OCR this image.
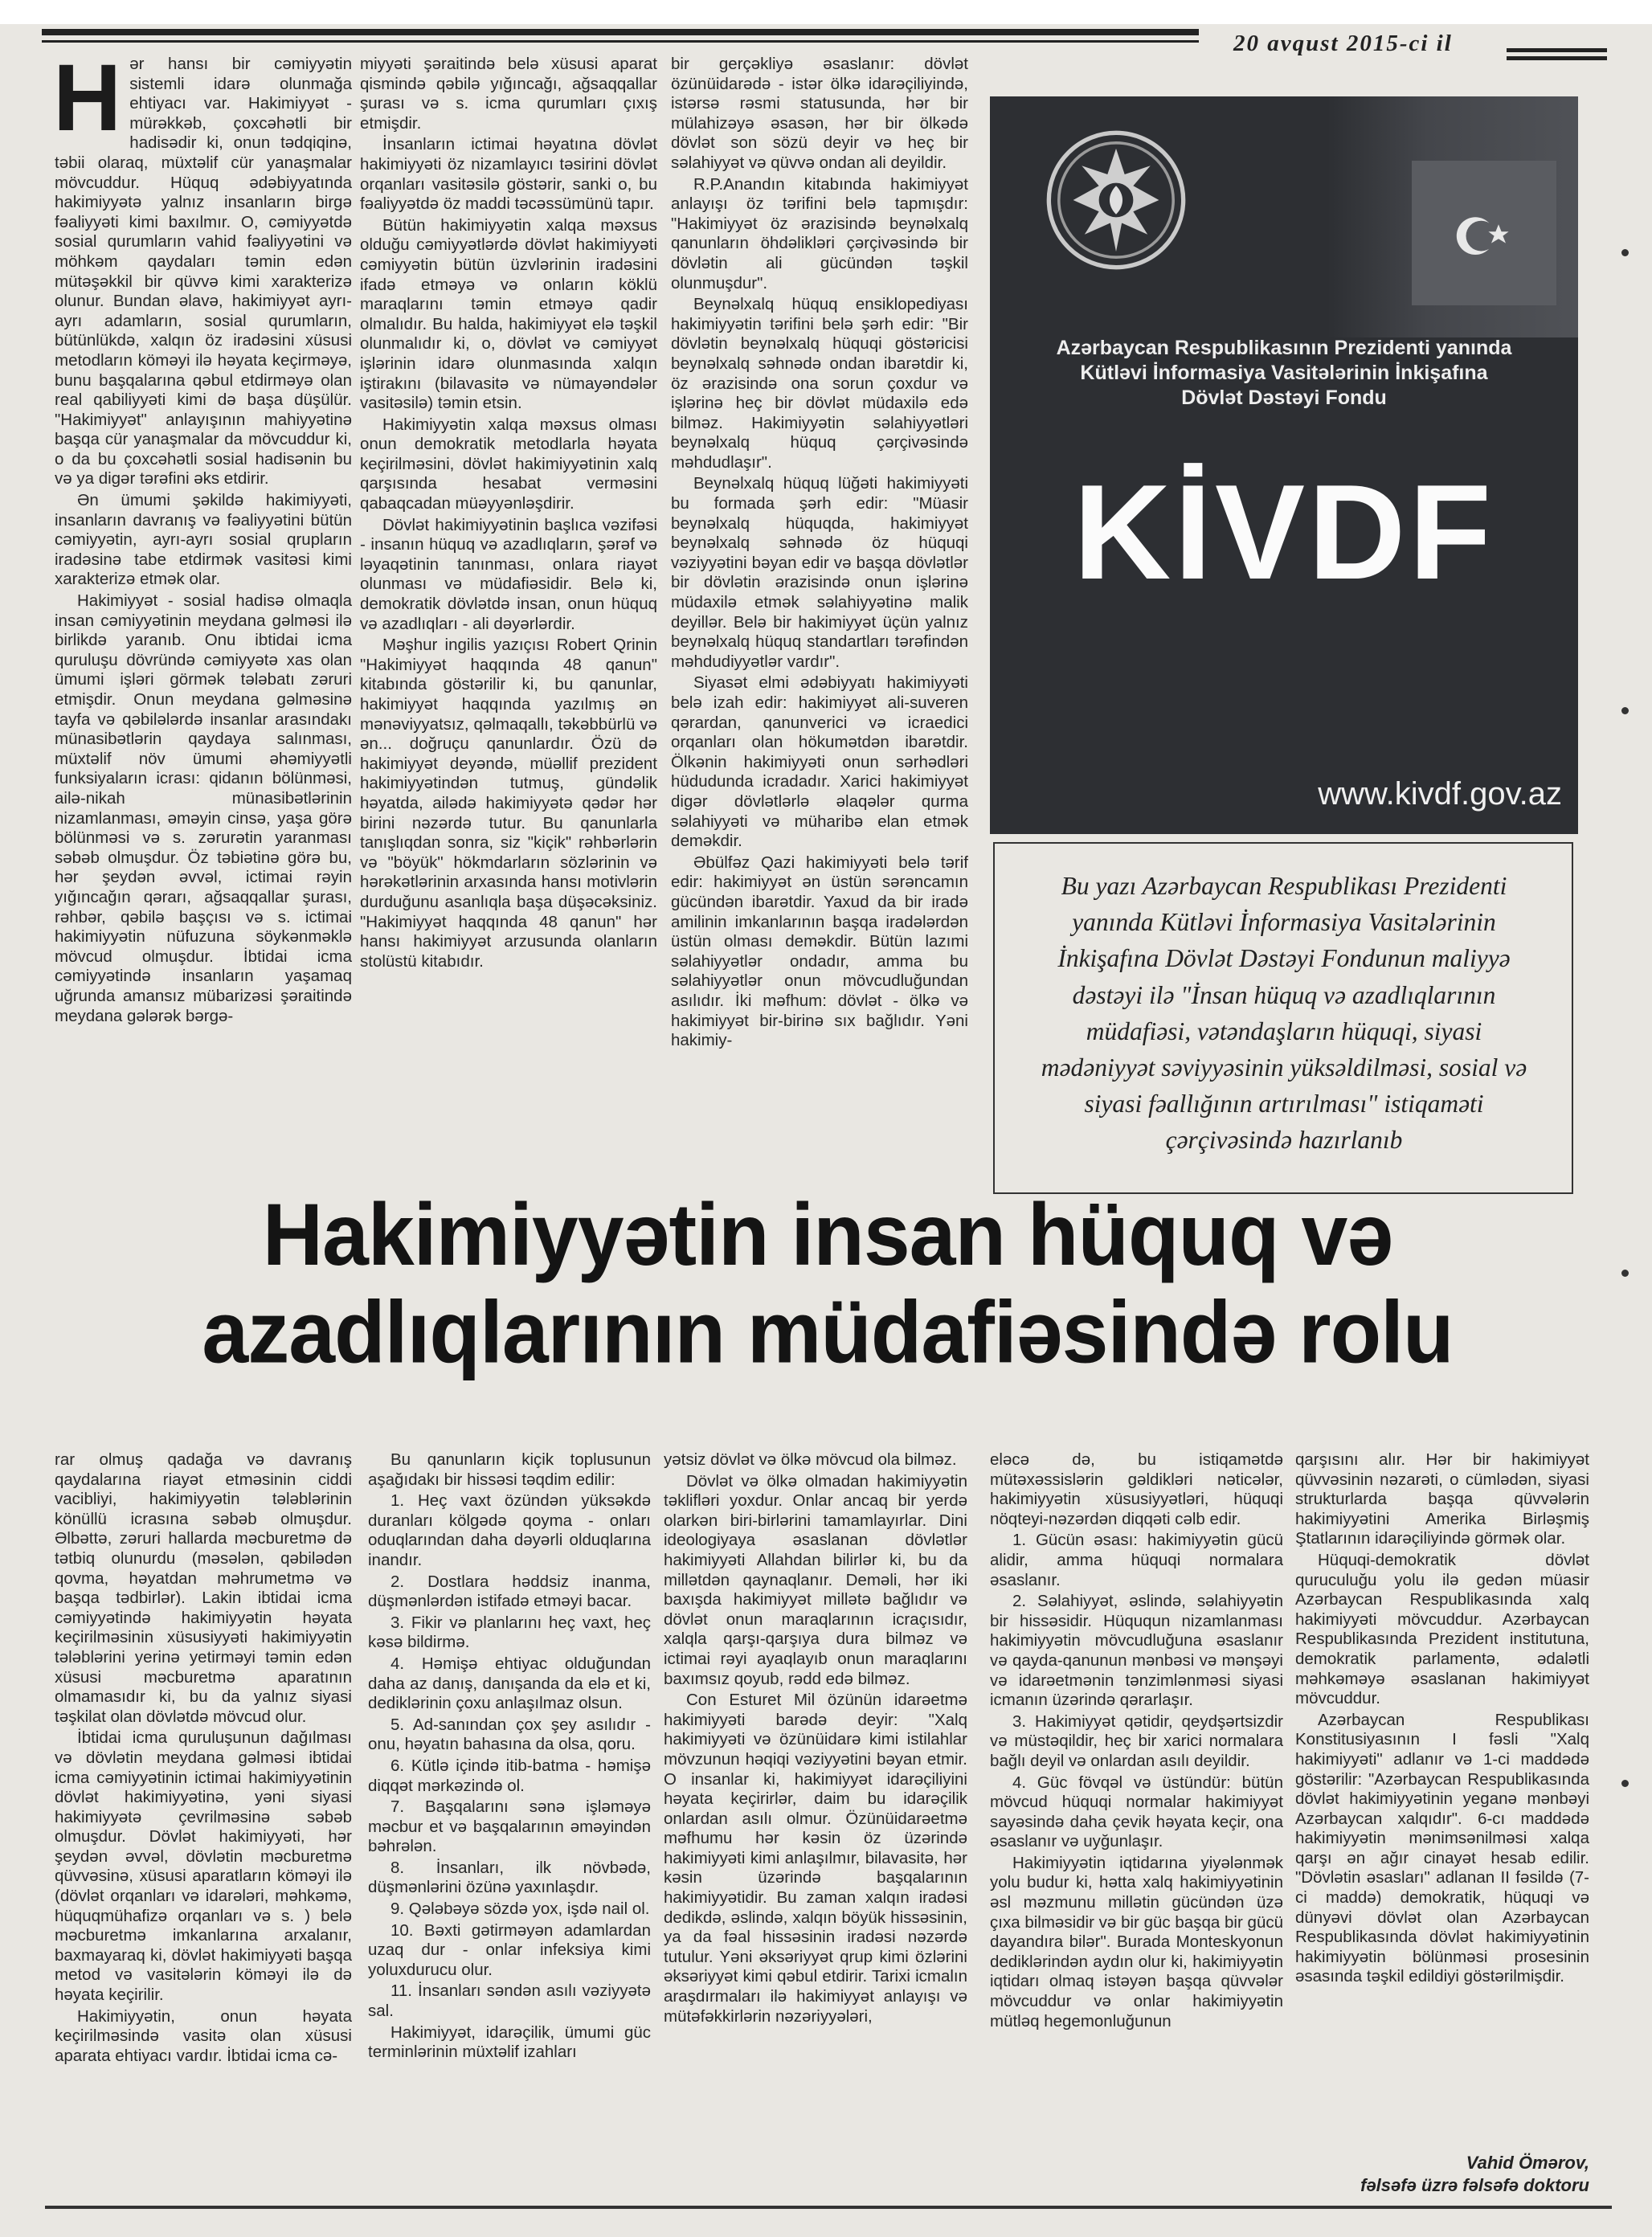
20 avqust 2015-ci il
H ər hansı bir cəmiyyətin sistemli idarə olunmağa ehtiyacı var. Hakimiyyət - mürəkkəb, çoxcəhətli bir hadisədir ki, onun tədqiqinə, təbii olaraq, müxtəlif cür yanaşmalar mövcuddur. Hüquq ədəbiyyatında hakimiyyətə yalnız insanların birgə fəaliyyəti kimi baxılmır. O, cəmiyyətdə sosial qurumların vahid fəaliyyətini və möhkəm qaydaları təmin edən mütəşəkkil bir qüvvə kimi xarakterizə olunur. Bundan əlavə, hakimiyyət ayrı-ayrı adamların, sosial qurumların, bütünlükdə, xalqın öz iradəsini xüsusi metodların köməyi ilə həyata keçirməyə, bunu başqalarına qəbul etdirməyə olan real qabiliyyəti kimi də başa düşülür. "Hakimiyyət" anlayışının mahiyyətinə başqa cür yanaşmalar da mövcuddur ki, o da bu çoxcəhətli sosial hadisənin bu və ya digər tərəfini əks etdirir.

Ən ümumi şəkildə hakimiyyəti, insanların davranış və fəaliyyətini bütün cəmiyyətin, ayrı-ayrı sosial qrupların iradəsinə tabe etdirmək vasitəsi kimi xarakterizə etmək olar.

Hakimiyyət - sosial hadisə olmaqla insan cəmiyyətinin meydana gəlməsi ilə birlikdə yaranıb. Onu ibtidai icma quruluşu dövründə cəmiyyətə xas olan ümumi işləri görmək tələbatı zəruri etmişdir. Onun meydana gəlməsinə tayfa və qəbilələrdə insanlar arasındakı münasibətlərin qaydaya salınması, müxtəlif növ ümumi əhəmiyyətli funksiyaların icrası: qidanın bölünməsi, ailə-nikah münasibətlərinin nizamlanması, əməyin cinsə, yaşa görə bölünməsi və s. zərurətin yaranması səbəb olmuşdur. Öz təbiətinə görə bu, hər şeydən əvvəl, ictimai rəyin yığıncağın qərarı, ağsaqqallar şurası, rəhbər, qəbilə başçısı və s. ictimai hakimiyyətin nüfuzuna söykənməklə mövcud olmuşdur. İbtidai icma cəmiyyətində insanların yaşamaq uğrunda amansız mübarizəsi şəraitində meydana gələrək bərgə-

miyyəti şəraitində belə xüsusi aparat qismində qəbilə yığıncağı, ağsaqqallar şurası və s. icma qurumları çıxış etmişdir.

İnsanların ictimai həyatına dövlət hakimiyyəti öz nizamlayıcı təsirini dövlət orqanları vasitəsilə göstərir, sanki o, bu fəaliyyətdə öz maddi təcəssümünü tapır.

Bütün hakimiyyətin xalqa məxsus olduğu cəmiyyətlərdə dövlət hakimiyyəti cəmiyyətin bütün üzvlərinin iradəsini ifadə etməyə və onların köklü maraqlarını təmin etməyə qadir olmalıdır. Bu halda, hakimiyyət elə təşkil olunmalıdır ki, o, dövlət və cəmiyyət işlərinin idarə olunmasında xalqın iştirakını (bilavasitə və nümayəndələr vasitəsilə) təmin etsin.

Hakimiyyətin xalqa məxsus olması onun demokratik metodlarla həyata keçirilməsini, dövlət hakimiyyətinin xalq qarşısında hesabat verməsini qabaqcadan müəyyənləşdirir.

Dövlət hakimiyyətinin başlıca vəzifəsi - insanın hüquq və azadlıqların, şərəf və ləyaqətinin tanınması, onlara riayət olunması və müdafiəsidir. Belə ki, demokratik dövlətdə insan, onun hüquq və azadlıqları - ali dəyərlərdir.

Məşhur ingilis yazıçısı Robert Qrinin "Hakimiyyət haqqında 48 qanun" kitabında göstərilir ki, bu qanunlar, hakimiyyət haqqında yazılmış ən mənəviyyatsız, qəlmaqallı, təkəbbürlü və ən... doğruçu qanunlardır. Özü də hakimiyyət deyəndə, müəllif prezident hakimiyyətindən tutmuş, gündəlik həyatda, ailədə hakimiyyətə qədər hər birini nəzərdə tutur. Bu qanunlarla tanışlıqdan sonra, siz "kiçik" rəhbərlərin və "böyük" hökmdarların sözlərinin və hərəkətlərinin arxasında hansı motivlərin durduğunu asanlıqla başa düşəcəksiniz. "Hakimiyyət haqqında 48 qanun" hər hansı hakimiyyət arzusunda olanların stolüstü kitabıdır.

bir gerçəkliyə əsaslanır: dövlət özünüidarədə - istər ölkə idarəçiliyində, istərsə rəsmi statusunda, hər bir mülahizəyə əsasən, hər bir ölkədə dövlət son sözü deyir və heç bir səlahiyyət və qüvvə ondan ali deyildir.

R.P.Anandın kitabında hakimiyyət anlayışı öz tərifini belə tapmışdır: "Hakimiyyət öz ərazisində beynəlxalq qanunların öhdəlikləri çərçivəsində bir dövlətin ali gücündən təşkil olunmuşdur".

Beynəlxalq hüquq ensiklopediyası hakimiyyətin tərifini belə şərh edir: "Bir dövlətin beynəlxalq hüquqi göstəricisi beynəlxalq səhnədə ondan ibarətdir ki, öz ərazisində ona sorun çoxdur və işlərinə heç bir dövlət müdaxilə edə bilməz. Hakimiyyətin səlahiyyətləri beynəlxalq hüquq çərçivəsində məhdudlaşır".

Beynəlxalq hüquq lüğəti hakimiyyəti bu formada şərh edir: "Müasir beynəlxalq hüquqda, hakimiyyət beynəlxalq səhnədə öz hüquqi vəziyyətini bəyan edir və başqa dövlətlər bir dövlətin ərazisində onun işlərinə müdaxilə etmək səlahiyyətinə malik deyillər. Belə bir hakimiyyət üçün yalnız beynəlxalq hüquq standartları tərəfindən məhdudiyyətlər vardır".

Siyasət elmi ədəbiyyatı hakimiyyəti belə izah edir: hakimiyyət ali-suveren qərardan, qanunverici və icraedici orqanları olan hökumətdən ibarətdir. Ölkənin hakimiyyəti onun sərhədləri hüdudunda icradadır. Xarici hakimiyyət digər dövlətlərlə əlaqələr qurma səlahiyyəti və müharibə elan etmək deməkdir.

Əbülfəz Qazi hakimiyyəti belə tərif edir: hakimiyyət ən üstün sərəncamın gücündən ibarətdir. Yaxud da bir iradə amilinin imkanlarının başqa iradələrdən üstün olması deməkdir. Bütün lazımi səlahiyyətlər ondadır, amma bu səlahiyyətlər onun mövcudluğundan asılıdır. İki məfhum: dövlət - ölkə və hakimiyyət bir-birinə sıx bağlıdır. Yəni hakimiy-

Azərbaycan Respublikasının Prezidenti yanında
Kütləvi İnformasiya Vasitələrinin İnkişafına
Dövlət Dəstəyi Fondu
KİVDF
www.kivdf.gov.az
Bu yazı Azərbaycan Respublikası Prezidenti yanında Kütləvi İnformasiya Vasitələrinin İnkişafına Dövlət Dəstəyi Fondunun maliyyə dəstəyi ilə "İnsan hüquq və azadlıqlarının müdafiəsi, vətəndaşların hüquqi, siyasi mədəniyyət səviyyəsinin yüksəldilməsi, sosial və siyasi fəallığının artırılması" istiqaməti çərçivəsində hazırlanıb
Hakimiyyətin insan hüquq və
azadlıqlarının müdafiəsində rolu

rar olmuş qadağa və davranış qaydalarına riayət etməsinin ciddi vacibliyi, hakimiyyətin tələblərinin könüllü icrasına səbəb olmuşdur. Əlbəttə, zəruri hallarda məcburetmə də tətbiq olunurdu (məsələn, qəbilədən qovma, həyatdan məhrumetmə və başqa tədbirlər). Lakin ibtidai icma cəmiyyətində hakimiyyətin həyata keçirilməsinin xüsusiyyəti hakimiyyətin tələblərini yerinə yetirməyi təmin edən xüsusi məcburetmə aparatının olmamasıdır ki, bu da yalnız siyasi təşkilat olan dövlətdə mövcud olur.

İbtidai icma quruluşunun dağılması və dövlətin meydana gəlməsi ibtidai icma cəmiyyətinin ictimai hakimiyyətinin dövlət hakimiyyətinə, yəni siyasi hakimiyyətə çevrilməsinə səbəb olmuşdur. Dövlət hakimiyyəti, hər şeydən əvvəl, dövlətin məcburetmə qüvvəsinə, xüsusi aparatların köməyi ilə (dövlət orqanları və idarələri, məhkəmə, hüquqmühafizə orqanları və s. ) belə məcburetmə imkanlarına arxalanır, baxmayaraq ki, dövlət hakimiyyəti başqa metod və vasitələrin köməyi ilə də həyata keçirilir.

Hakimiyyətin, onun həyata keçirilməsində vasitə olan xüsusi aparata ehtiyacı vardır. İbtidai icma cə-

Bu qanunların kiçik toplusunun aşağıdakı bir hissəsi təqdim edilir:

1. Heç vaxt özündən yüksəkdə duranları kölgədə qoyma - onları oduqlarından daha dəyərli olduqlarına inandır.

2. Dostlara həddsiz inanma, düşmənlərdən istifadə etməyi bacar.

3. Fikir və planlarını heç vaxt, heç kəsə bildirmə.

4. Həmişə ehtiyac olduğundan daha az danış, danışanda da elə et ki, dediklərinin çoxu anlaşılmaz olsun.

5. Ad-sanından çox şey asılıdır - onu, həyatın bahasına da olsa, qoru.

6. Kütlə içində itib-batma - həmişə diqqət mərkəzində ol.

7. Başqalarını sənə işləməyə məcbur et və başqalarının əməyindən bəhrələn.

8. İnsanları, ilk növbədə, düşmənlərini özünə yaxınlaşdır.

9. Qələbəyə sözdə yox, işdə nail ol.

10. Bəxti gətirməyən adamlardan uzaq dur - onlar infeksiya kimi yoluxdurucu olur.

11. İnsanları səndən asılı vəziyyətə sal.

Hakimiyyət, idarəçilik, ümumi güc terminlərinin müxtəlif izahları

yətsiz dövlət və ölkə mövcud ola bilməz.

Dövlət və ölkə olmadan hakimiyyətin təklifləri yoxdur. Onlar ancaq bir yerdə olarkən biri-birlərini tamamlayırlar. Dini ideologiyaya əsaslanan dövlətlər hakimiyyəti Allahdan bilirlər ki, bu da millətdən qaynaqlanır. Deməli, hər iki baxışda hakimiyyət millətə bağlıdır və dövlət onun maraqlarının icraçısıdır, xalqla qarşı-qarşıya dura bilməz və ictimai rəyi ayaqlayıb onun maraqlarını baxımsız qoyub, rədd edə bilməz.

Con Esturet Mil özünün idarəetmə hakimiyyəti barədə deyir: "Xalq hakimiyyəti və özünüidarə kimi istilahlar mövzunun həqiqi vəziyyətini bəyan etmir. O insanlar ki, hakimiyyət idarəçiliyini həyata keçirirlər, daim bu idarəçilik onlardan asılı olmur. Özünüidarəetmə məfhumu hər kəsin öz üzərində hakimiyyəti kimi anlaşılmır, bilavasitə, hər kəsin üzərində başqalarının hakimiyyətidir. Bu zaman xalqın iradəsi dedikdə, əslində, xalqın böyük hissəsinin, ya da fəal hissəsinin iradəsi nəzərdə tutulur. Yəni əksəriyyət qrup kimi özlərini əksəriyyət kimi qəbul etdirir. Tarixi icmalın araşdırmaları ilə hakimiyyət anlayışı və mütəfəkkirlərin nəzəriyyələri,

eləcə də, bu istiqamətdə mütəxəssislərin gəldikləri nəticələr, hakimiyyətin xüsusiyyətləri, hüquqi nöqteyi-nəzərdən diqqəti cəlb edir.

1. Gücün əsası: hakimiyyətin gücü alidir, amma hüquqi normalara əsaslanır.

2. Səlahiyyət, əslində, səlahiyyətin bir hissəsidir. Hüququn nizamlanması hakimiyyətin mövcudluğuna əsaslanır və qayda-qanunun mənbəsi və mənşəyi və idarəetmənin tənzimlənməsi siyasi icmanın üzərində qərarlaşır.

3. Hakimiyyət qətidir, qeydşərtsizdir və müstəqildir, heç bir xarici normalara bağlı deyil və onlardan asılı deyildir.

4. Güc fövqəl və üstündür: bütün mövcud hüquqi normalar hakimiyyət sayəsində daha çevik həyata keçir, ona əsaslanır və uyğunlaşır.

Hakimiyyətin iqtidarına yiyələnmək yolu budur ki, hətta xalq hakimiyyətinin əsl məzmunu millətin gücündən üzə çıxa bilməsidir və bir güc başqa bir gücü dayandıra bilər". Burada Monteskyonun dediklərindən aydın olur ki, hakimiyyətin iqtidarı olmaq istəyən başqa qüvvələr mövcuddur və onlar hakimiyyətin mütləq hegemonluğunun

qarşısını alır. Hər bir hakimiyyət qüvvəsinin nəzarəti, o cümlədən, siyasi strukturlarda başqa qüvvələrin hakimiyyətini Amerika Birləşmiş Ştatlarının idarəçiliyində görmək olar.

Hüquqi-demokratik dövlət quruculuğu yolu ilə gedən müasir Azərbaycan Respublikasında xalq hakimiyyəti mövcuddur. Azərbaycan Respublikasında Prezident institutuna, demokratik parlamentə, ədalətli məhkəməyə əsaslanan hakimiyyət mövcuddur.

Azərbaycan Respublikası Konstitusiyasının I fəsli "Xalq hakimiyyəti" adlanır və 1-ci maddədə göstərilir: "Azərbaycan Respublikasında dövlət hakimiyyətinin yeganə mənbəyi Azərbaycan xalqıdır". 6-cı maddədə hakimiyyətin mənimsənilməsi xalqa qarşı ən ağır cinayət hesab edilir. "Dövlətin əsasları" adlanan II fəsildə (7-ci maddə) demokratik, hüquqi və dünyəvi dövlət olan Azərbaycan Respublikasında dövlət hakimiyyətinin hakimiyyətin bölünməsi prosesinin əsasında təşkil edildiyi göstərilmişdir.

Vahid Ömərov,
fəlsəfə üzrə fəlsəfə doktoru
